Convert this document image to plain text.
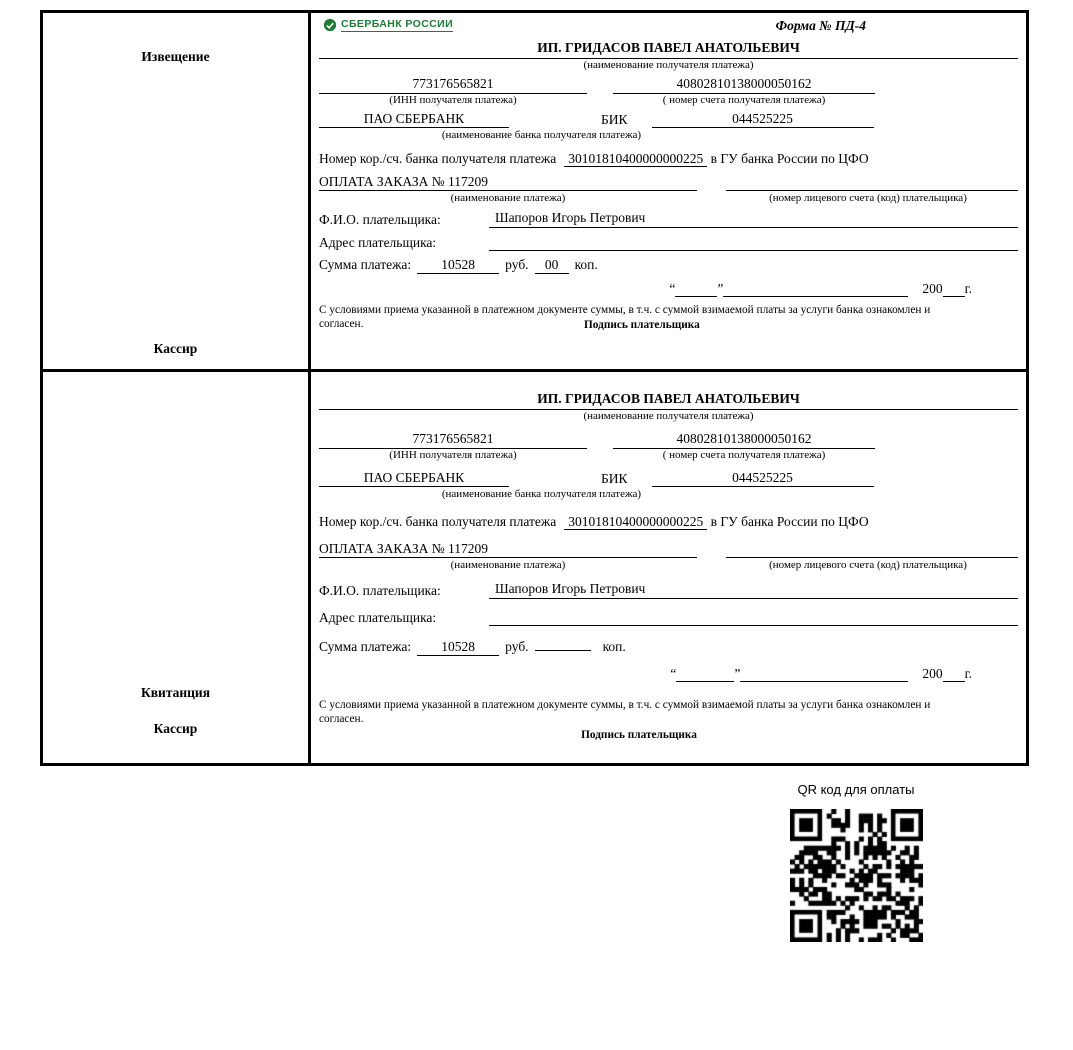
Извещение
Кассир
СБЕРБАНК РОССИИ	Форма № ПД-4
ИП. ГРИДАСОВ ПАВЕЛ АНАТОЛЬЕВИЧ
(наименование получателя платежа)
773176565821
(ИНН получателя платежа)
40802810138000050162
( номер счета получателя платежа)
ПАО СБЕРБАНК	БИК	044525225
(наименование банка получателя платежа)
Номер кор./сч. банка получателя платежа 30101810400000000225 в ГУ банка России по ЦФО
ОПЛАТА ЗАКАЗА № 117209
(наименование платежа)	(номер лицевого счета (код) плательщика)
Ф.И.О. плательщика:	Шапоров Игорь Петрович
Адрес плательщика:
Сумма платежа: 10528 руб. 00 коп.
“	”	200 г.
С условиями приема указанной в платежном документе суммы, в т.ч. с суммой взимаемой платы за услуги банка ознакомлен и согласен.	Подпись плательщика
Квитанция
Кассир
ИП. ГРИДАСОВ ПАВЕЛ АНАТОЛЬЕВИЧ
(наименование получателя платежа)
773176565821
(ИНН получателя платежа)
40802810138000050162
( номер счета получателя платежа)
ПАО СБЕРБАНК	БИК	044525225
(наименование банка получателя платежа)
Номер кор./сч. банка получателя платежа 30101810400000000225 в ГУ банка России по ЦФО
ОПЛАТА ЗАКАЗА № 117209
(наименование платежа)	(номер лицевого счета (код) плательщика)
Ф.И.О. плательщика:	Шапоров Игорь Петрович
Адрес плательщика:
Сумма платежа: 10528 руб.	коп.
“	”	200 г.
С условиями приема указанной в платежном документе суммы, в т.ч. с суммой взимаемой платы за услуги банка ознакомлен и согласен.
Подпись плательщика
QR код для оплаты
